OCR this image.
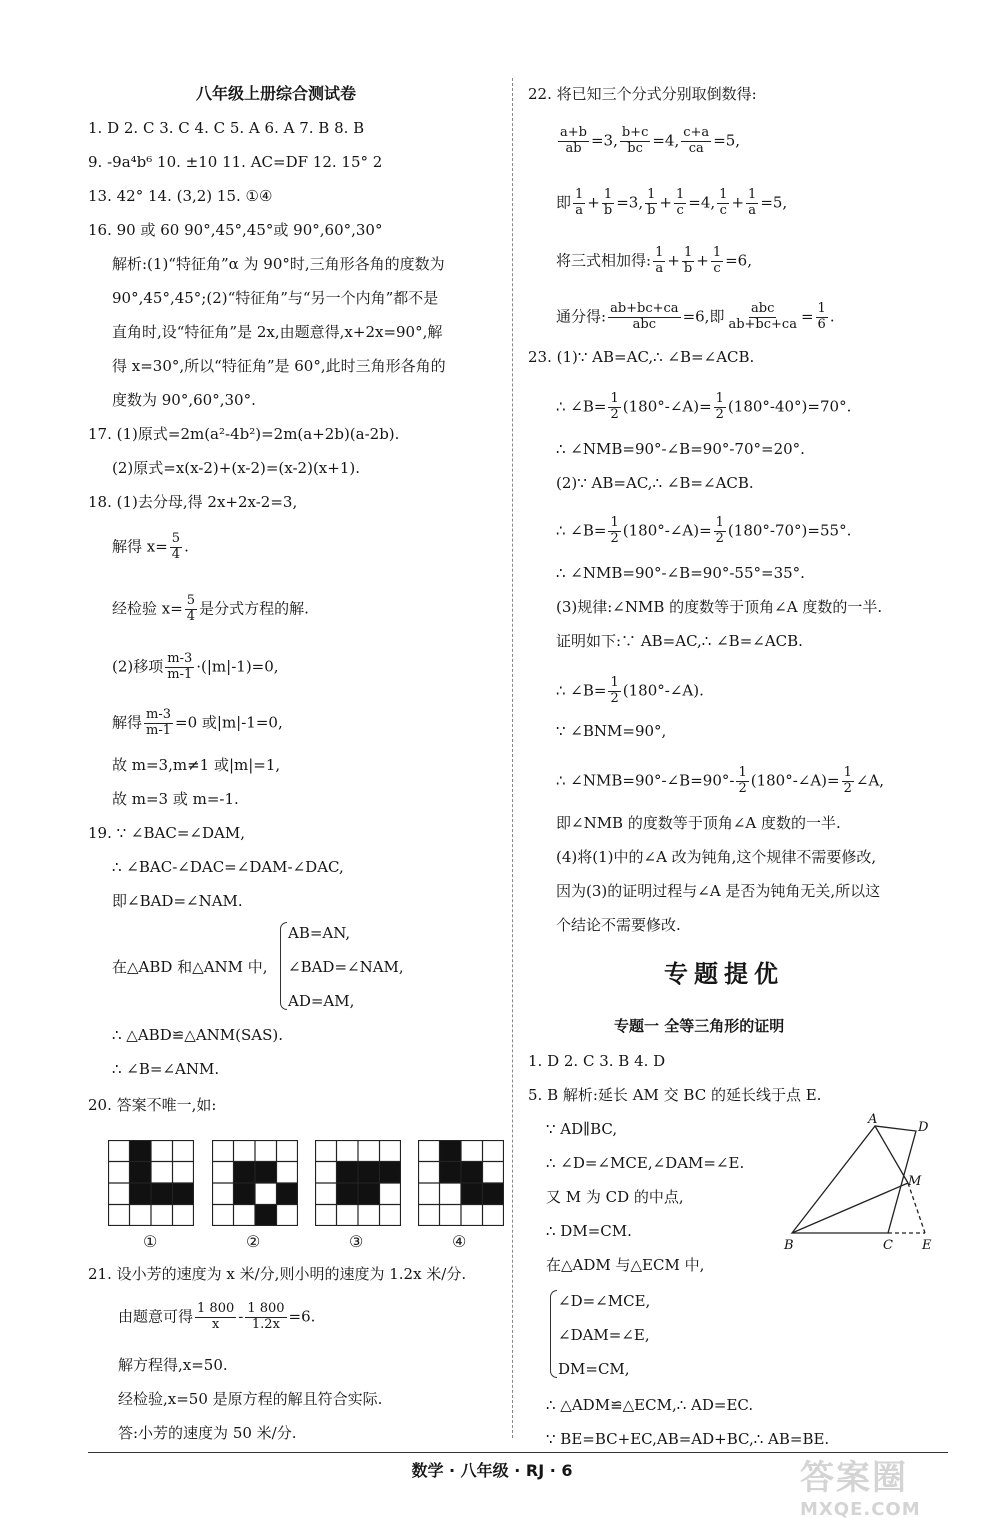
八年级上册综合测试卷
1. D 2. C 3. C 4. C 5. A 6. A 7. B 8. B
9. -9a⁴b⁶ 10. ±10 11. AC=DF 12. 15° 2
13. 42° 14. (3,2) 15. ①④
16. 90 或 60 90°,45°,45°或 90°,60°,30°
解析:(1)“特征角”α 为 90°时,三角形各角的度数为
90°,45°,45°;(2)“特征角”与“另一个内角”都不是
直角时,设“特征角”是 2x,由题意得,x+2x=90°,解
得 x=30°,所以“特征角”是 60°,此时三角形各角的
度数为 90°,60°,30°.
17. (1)原式=2m(a²-4b²)=2m(a+2b)(a-2b).
(2)原式=x(x-2)+(x-2)=(x-2)(x+1).
18. (1)去分母,得 2x+2x-2=3,
解得 $x= \frac{5}{4}$ .
经检验 $x= \frac{5}{4}$ 是分式方程的解.
(2)移项 $\frac{m-3}{m-1} \cdot(|m|-1)=0$,
解得 $\frac{m-3}{m-1} =0$ 或|m|-1=0,
故 m=3,m≠1 或|m|=1,
故 m=3 或 m=-1.
19. ∵ ∠BAC=∠DAM,
∴ ∠BAC-∠DAC=∠DAM-∠DAC,
即∠BAD=∠NAM.
在△ABD 和△ANM 中,
AB=AN,
∠BAD=∠NAM,
AD=AM,
∴ △ABD≌△ANM(SAS).
∴ ∠B=∠ANM.
20. 答案不唯一,如:
21. 设小芳的速度为 x 米/分,则小明的速度为 1.2x 米/分.
由题意可得 $\frac{1 800}{x} - \frac{1 800}{1.2x} =6$.
解方程得,x=50.
经检验,x=50 是原方程的解且符合实际.
答:小芳的速度为 50 米/分.
①	②	③	④
22. 将已知三个分式分别取倒数得:
$\frac{a+b}{ab} =3$, $\frac{b+c}{bc} =4$, $\frac{c+a}{ca} =5$,
即 $\frac{1}{a} + \frac{1}{b} =3$, $\frac{1}{b} + \frac{1}{c} =4$, $\frac{1}{c} + \frac{1}{a} =5$,
将三式相加得: $\frac{1}{a} + \frac{1}{b} + \frac{1}{c} =6$,
通分得: $\frac{ab+bc+ca}{\text{abc}} =6$,即 $\frac{\text{abc}}{ab+bc+ca} = \frac{1}{6}$ .
23. (1)∵ AB=AC,∴ ∠B=∠ACB.
∴ ∠B= $\frac{1}{2}$ (180°-∠A)= $\frac{1}{2} (180^\circ-40^\circ)=70^\circ$.
∴ ∠NMB=90°-∠B=90°-70°=20°.
(2)∵ AB=AC,∴ ∠B=∠ACB.
∴ ∠B= $\frac{1}{2}$ (180°-∠A)= $\frac{1}{2} (180^\circ-70^\circ)=55^\circ$.
∴ ∠NMB=90°-∠B=90°-55°=35°.
(3)规律:∠NMB 的度数等于顶角∠A 度数的一半.
证明如下:∵ AB=AC,∴ ∠B=∠ACB.
∴ ∠B= $\frac{1}{2}$ (180°-∠A).
∵ ∠BNM=90°,
∴ ∠NMB=90°-∠B=90°- $\frac{1}{2}$ (180°-∠A)= $\frac{1}{2}$ ∠A,
即∠NMB 的度数等于顶角∠A 度数的一半.
(4)将(1)中的∠A 改为钝角,这个规律不需要修改,
因为(3)的证明过程与∠A 是否为钝角无关,所以这
个结论不需要修改.
专题提优
专题一 全等三角形的证明
1. D 2. C 3. B 4. D
5. B 解析:延长 AM 交 BC 的延长线于点 E.
∵ AD∥BC,
∴ ∠D=∠MCE,∠DAM=∠E.
又 M 为 CD 的中点,
∴ DM=CM.
在△ADM 与△ECM 中,
∠D=∠MCE,
∠DAM=∠E,
DM=CM,
∴ △ADM≌△ECM,∴ AD=EC.
∵ BE=BC+EC,AB=AD+BC,∴ AB=BE.
A
D
M
B	C E
数学 · 八年级 · RJ · 6	答案圈
MXQE.COM
